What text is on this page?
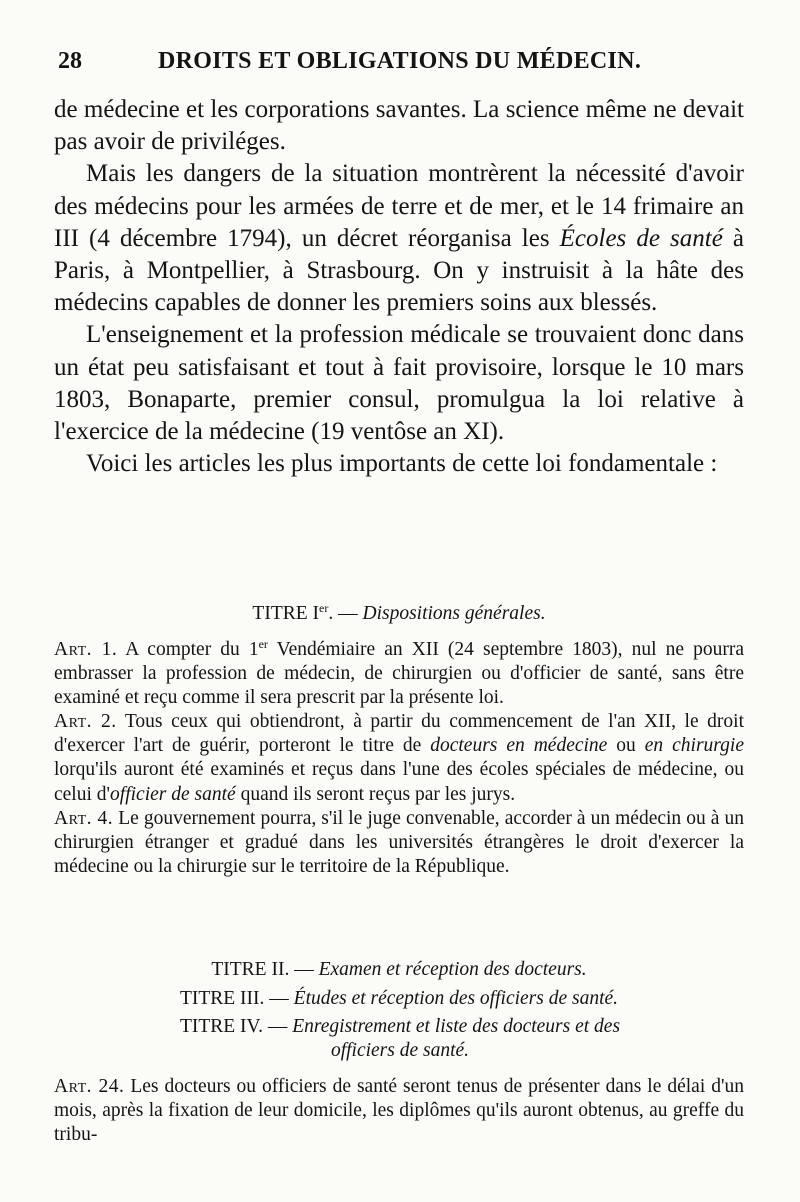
28	DROITS ET OBLIGATIONS DU MÉDECIN.

de médecine et les corporations savantes. La science même ne devait pas avoir de priviléges.

Mais les dangers de la situation montrèrent la nécessité d'avoir des médecins pour les armées de terre et de mer, et le 14 frimaire an III (4 décembre 1794), un décret réorganisa les Écoles de santé à Paris, à Montpellier, à Strasbourg. On y instruisit à la hâte des médecins capables de donner les premiers soins aux blessés.

L'enseignement et la profession médicale se trouvaient donc dans un état peu satisfaisant et tout à fait provisoire, lorsque le 10 mars 1803, Bonaparte, premier consul, promulgua la loi relative à l'exercice de la médecine (19 ventôse an XI).

Voici les articles les plus importants de cette loi fondamentale :

TITRE Ier. — Dispositions générales.

Art. 1. A compter du 1er Vendémiaire an XII (24 septembre 1803), nul ne pourra embrasser la profession de médecin, de chirurgien ou d'officier de santé, sans être examiné et reçu comme il sera prescrit par la présente loi.

Art. 2. Tous ceux qui obtiendront, à partir du commencement de l'an XII, le droit d'exercer l'art de guérir, porteront le titre de docteurs en médecine ou en chirurgie lorqu'ils auront été examinés et reçus dans l'une des écoles spéciales de médecine, ou celui d'officier de santé quand ils seront reçus par les jurys.

Art. 4. Le gouvernement pourra, s'il le juge convenable, accorder à un médecin ou à un chirurgien étranger et gradué dans les universités étrangères le droit d'exercer la médecine ou la chirurgie sur le territoire de la République.

TITRE II. — Examen et réception des docteurs.
TITRE III. — Études et réception des officiers de santé.
TITRE IV. — Enregistrement et liste des docteurs et des officiers de santé.

Art. 24. Les docteurs ou officiers de santé seront tenus de présenter dans le délai d'un mois, après la fixation de leur domicile, les diplômes qu'ils auront obtenus, au greffe du tribu-
